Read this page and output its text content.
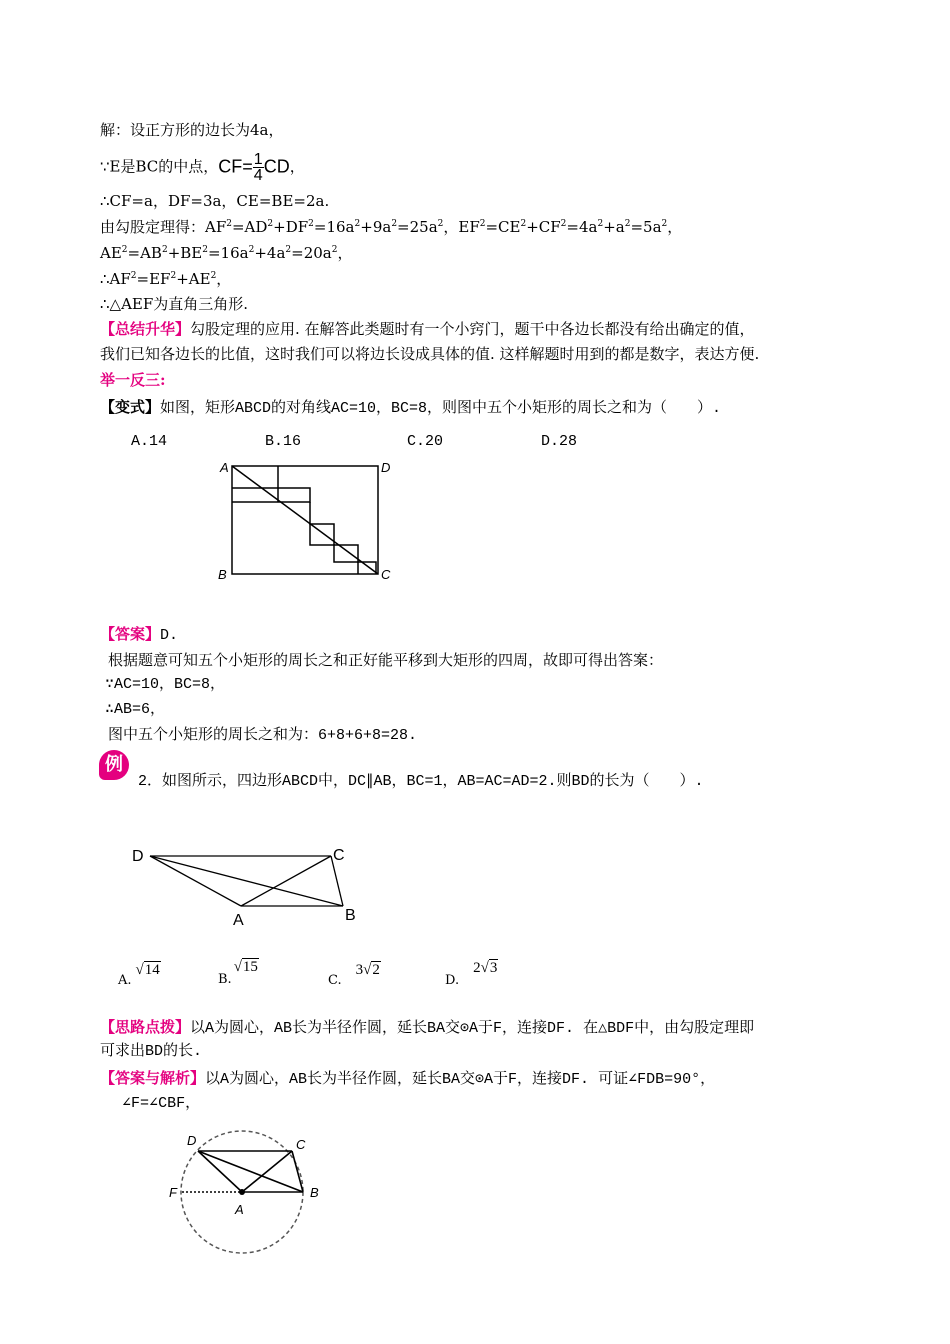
解：设正方形的边长为4a，
∵E是BC的中点，$CF= \frac{1}{4}$ CD，
∴CF=a，DF=3a，CE=BE=2a.
由勾股定理得：$AF^2=AD^2+DF^2=16a^2+9a^2=25a^2$，$EF^2=CE^2+CF^2=4a^2+a^2=5a^2$，
$AE^2=AB^2+BE^2=16a^2+4a^2=20a^2$，
$\therefore AF^2=EF^2+AE^2$，
∴△AEF为直角三角形.
【总结升华】勾股定理的应用. 在解答此类题时有一个小窍门，题干中各边长都没有给出确定的值，
我们已知各边长的比值，这时我们可以将边长设成具体的值. 这样解题时用到的都是数字，表达方便.
举一反三:
【变式】如图，矩形ABCD的对角线AC=10，BC=8，则图中五个小矩形的周长之和为（　　）.
A.14	B.16	C.20	D.28
A	D
B	C
【答案】D.
根据题意可知五个小矩形的周长之和正好能平移到大矩形的四周，故即可得出答案：
∵AC=10，BC=8，
∴AB=6，
图中五个小矩形的周长之和为：6+8+6+8=28.
例
2．如图所示，四边形ABCD中，DC∥AB，BC=1，AB=AC=AD=2.则BD的长为（　　）.
D	C
A	B
A.√14
B.√15
C.3√2
D.2√3
【思路点拨】以A为圆心，AB长为半径作圆，延长BA交⊙A于F，连接DF. 在△BDF中，由勾股定理即
可求出BD的长.
【答案与解析】以A为圆心，AB长为半径作圆，延长BA交⊙A于F，连接DF. 可证∠FDB=90°，
∠F=∠CBF，
D	C
F
A
B
